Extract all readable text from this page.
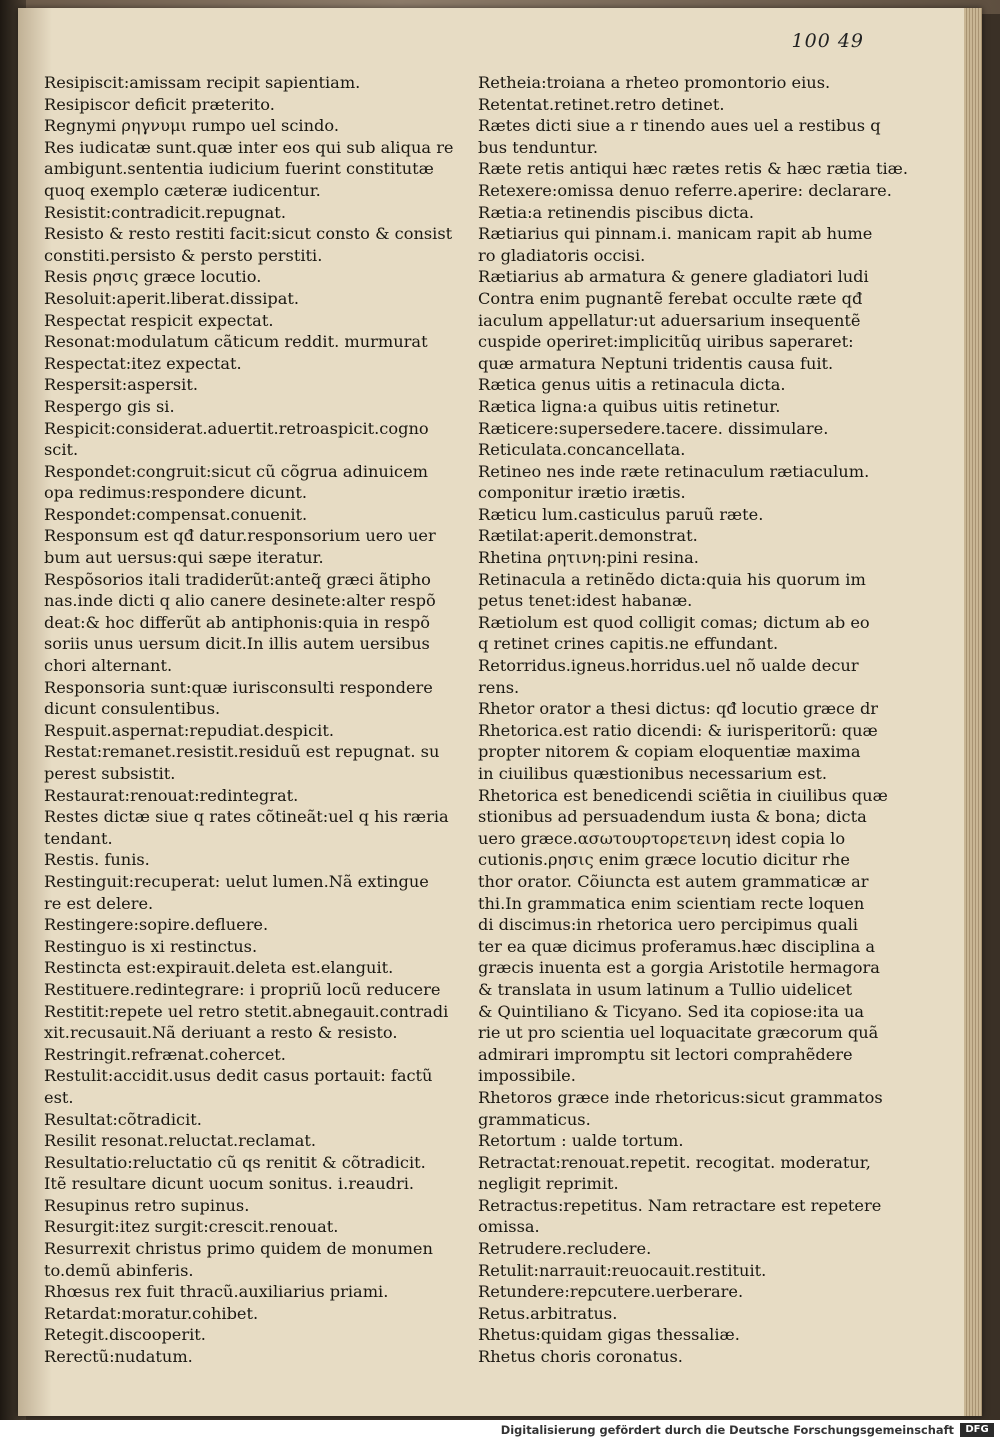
100 49
Resipiscit:amissam recipit sapientiam.
Resipiscor deficit præterito.
Regnymi ρηγνυμι rumpo uel scindo.
Res iudicatæ sunt.quæ inter eos qui sub aliqua re
ambigunt.sententia iudicium fuerint constitutæ
quoq exemplo cæteræ iudicentur.
Resistit:contradicit.repugnat.
Resisto & resto restiti facit:sicut consto & consist
constiti.persisto & persto perstiti.
Resis ρησις græce locutio.
Resoluit:aperit.liberat.dissipat.
Respectat respicit expectat.
Resonat:modulatum cãticum reddit. murmurat
Respectat:itez expectat.
Respersit:aspersit.
Respergo gis si.
Respicit:considerat.aduertit.retroaspicit.cogno
scit.
Respondet:congruit:sicut cũ cõgrua adinuicem
opa redimus:respondere dicunt.
Respondet:compensat.conuenit.
Responsum est qđ datur.responsorium uero uer
bum aut uersus:qui sæpe iteratur.
Respõsorios itali tradiderũt:anteq̃ græci ãtipho
nas.inde dicti q alio canere desinete:alter respõ
deat:& hoc differũt ab antiphonis:quia in respõ
soriis unus uersum dicit.In illis autem uersibus
chori alternant.
Responsoria sunt:quæ iurisconsulti respondere
dicunt consulentibus.
Respuit.aspernat:repudiat.despicit.
Restat:remanet.resistit.residuũ est repugnat. su
perest subsistit.
Restaurat:renouat:redintegrat.
Restes dictæ siue q rates cõtineãt:uel q his ræria
tendant.
Restis. funis.
Restinguit:recuperat: uelut lumen.Nã extingue
re est delere.
Restingere:sopire.defluere.
Restinguo is xi restinctus.
Restincta est:expirauit.deleta est.elanguit.
Restituere.redintegrare: i propriũ locũ reducere
Restitit:repete uel retro stetit.abnegauit.contradi
xit.recusauit.Nã deriuant a resto & resisto.
Restringit.refrænat.cohercet.
Restulit:accidit.usus dedit casus portauit: factũ
est.
Resultat:cõtradicit.
Resilit resonat.reluctat.reclamat.
Resultatio:reluctatio cũ qs renitit & cõtradicit.
Itẽ resultare dicunt uocum sonitus. i.reaudri.
Resupinus retro supinus.
Resurgit:itez surgit:crescit.renouat.
Resurrexit christus primo quidem de monumen
to.demũ abinferis.
Rhœsus rex fuit thracũ.auxiliarius priami.
Retardat:moratur.cohibet.
Retegit.discooperit.
Rerectũ:nudatum.
Retheia:troiana a rheteo promontorio eius.
Retentat.retinet.retro detinet.
Rætes dicti siue a r tinendo aues uel a restibus q
bus tenduntur.
Ræte retis antiqui hæc rætes retis & hæc rætia tiæ.
Retexere:omissa denuo referre.aperire: declarare.
Rætia:a retinendis piscibus dicta.
Rætiarius qui pinnam.i. manicam rapit ab hume
ro gladiatoris occisi.
Rætiarius ab armatura & genere gladiatori ludi
Contra enim pugnantẽ ferebat occulte ræte qđ
iaculum appellatur:ut aduersarium insequentẽ
cuspide operiret:implicitũq uiribus saperaret:
quæ armatura Neptuni tridentis causa fuit.
Rætica genus uitis a retinacula dicta.
Rætica ligna:a quibus uitis retinetur.
Ræticere:supersedere.tacere. dissimulare.
Reticulata.concancellata.
Retineo nes inde ræte retinaculum rætiaculum.
componitur irætio irætis.
Ræticu lum.casticulus paruũ ræte.
Rætilat:aperit.demonstrat.
Rhetina ρητινη:pini resina.
Retinacula a retinẽdo dicta:quia his quorum im
petus tenet:idest habanæ.
Rætiolum est quod colligit comas; dictum ab eo
q retinet crines capitis.ne effundant.
Retorridus.igneus.horridus.uel nõ ualde decur
rens.
Rhetor orator a thesi dictus: qđ locutio græce dr
Rhetorica.est ratio dicendi: & iurisperitorũ: quæ
propter nitorem & copiam eloquentiæ maxima
in ciuilibus quæstionibus necessarium est.
Rhetorica est benedicendi sciẽtia in ciuilibus quæ
stionibus ad persuadendum iusta & bona; dicta
uero græce.ασωτουρτορετεινη idest copia lo
cutionis.ρησις enim græce locutio dicitur rhe
thor orator. Cõiuncta est autem grammaticæ ar
thi.In grammatica enim scientiam recte loquen
di discimus:in rhetorica uero percipimus quali
ter ea quæ dicimus proferamus.hæc disciplina a
græcis inuenta est a gorgia Aristotile hermagora
& translata in usum latinum a Tullio uidelicet
& Quintiliano & Ticyano. Sed ita copiose:ita ua
rie ut pro scientia uel loquacitate græcorum quã
admirari impromptu sit lectori comprahẽdere
impossibile.
Rhetoros græce inde rhetoricus:sicut grammatos
grammaticus.
Retortum : ualde tortum.
Retractat:renouat.repetit. recogitat. moderatur,
negligit reprimit.
Retractus:repetitus. Nam retractare est repetere
omissa.
Retrudere.recludere.
Retulit:narrauit:reuocauit.restituit.
Retundere:repcutere.uerberare.
Retus.arbitratus.
Rhetus:quidam gigas thessaliæ.
Rhetus choris coronatus.
Digitalisierung gefördert durch die Deutsche Forschungsgemeinschaft	DFG
